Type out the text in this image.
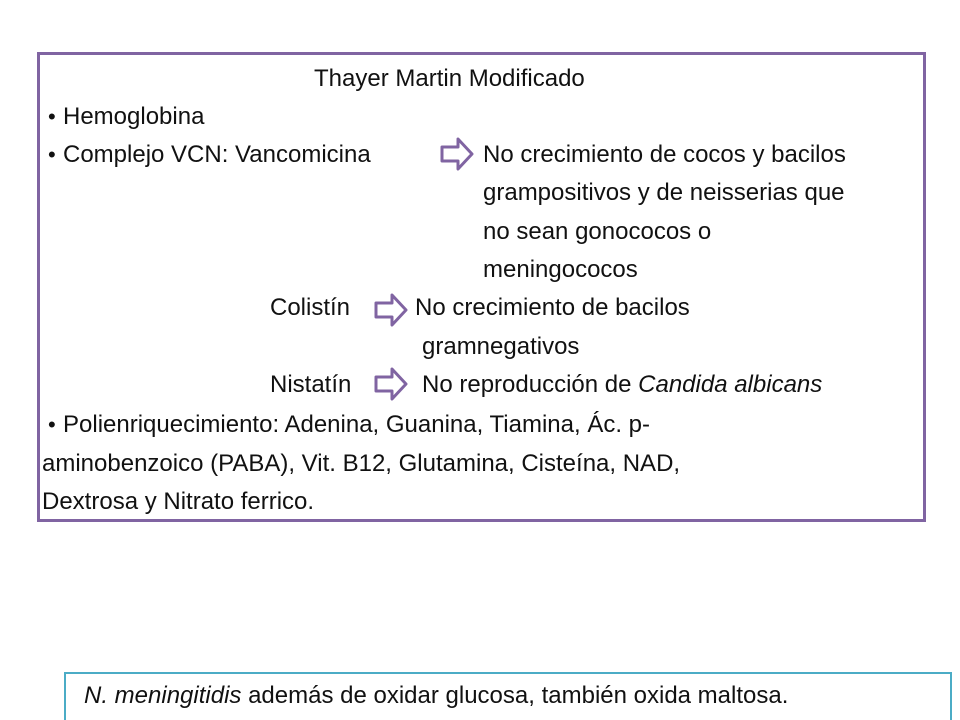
Thayer Martin Modificado
• Hemoglobina
• Complejo VCN: Vancomicina	No crecimiento de cocos y bacilos
grampositivos y de neisserias que
no sean gonococos o
meningococos
Colistín	No crecimiento de bacilos
gramnegativos
Nistatín	No reproducción de Candida albicans
• Polienriquecimiento: Adenina, Guanina, Tiamina, Ác. p-
aminobenzoico (PABA), Vit. B12, Glutamina, Cisteína, NAD,
Dextrosa y Nitrato ferrico.
N. meningitidis además de oxidar glucosa, también oxida maltosa.
